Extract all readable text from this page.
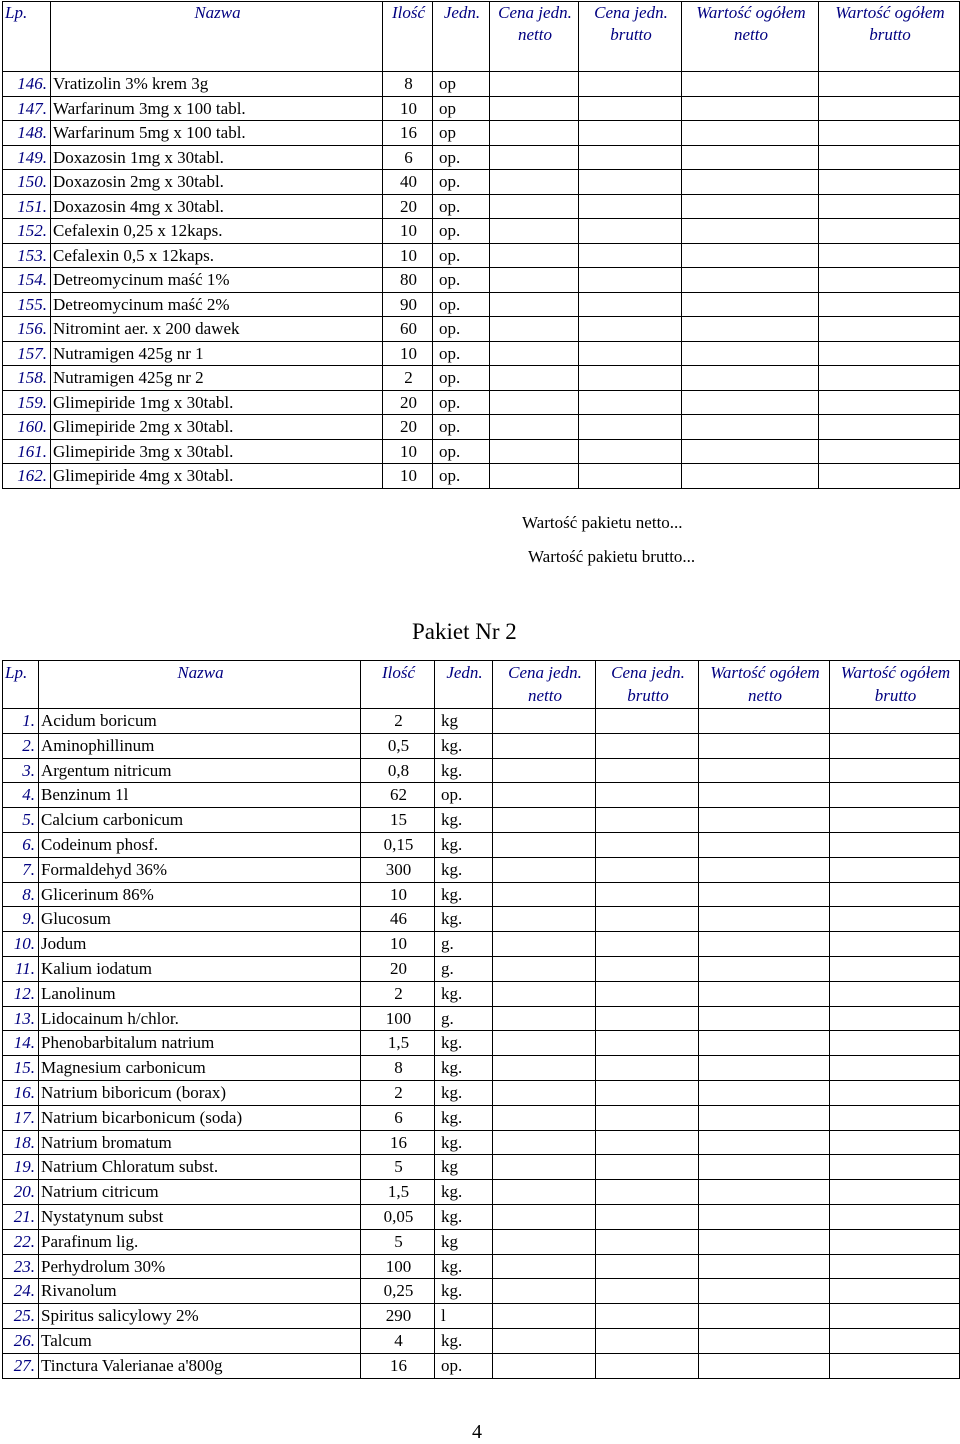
Lp.	Nazwa	Ilość	Jedn.	Cena jedn. netto	Cena jedn. brutto	Wartość ogółem netto	Wartość ogółem brutto
146.	Vratizolin 3% krem 3g	8	op				
147.	Warfarinum 3mg x 100 tabl.	10	op				
148.	Warfarinum 5mg x 100 tabl.	16	op				
149.	Doxazosin 1mg x 30tabl.	6	op.				
150.	Doxazosin 2mg x 30tabl.	40	op.				
151.	Doxazosin 4mg x 30tabl.	20	op.				
152.	Cefalexin 0,25 x 12kaps.	10	op.				
153.	Cefalexin 0,5 x 12kaps.	10	op.				
154.	Detreomycinum maść 1%	80	op.				
155.	Detreomycinum maść 2%	90	op.				
156.	Nitromint aer. x 200 dawek	60	op.				
157.	Nutramigen 425g nr 1	10	op.				
158.	Nutramigen 425g nr 2	2	op.				
159.	Glimepiride 1mg x 30tabl.	20	op.				
160.	Glimepiride 2mg x 30tabl.	20	op.				
161.	Glimepiride 3mg x 30tabl.	10	op.				
162.	Glimepiride 4mg x 30tabl.	10	op.				
Wartość pakietu netto...
Wartość pakietu brutto...
Pakiet Nr 2
Lp.	Nazwa	Ilość	Jedn.	Cena jedn. netto	Cena jedn. brutto	Wartość ogółem netto	Wartość ogółem brutto
1.	Acidum boricum	2	kg				
2.	Aminophillinum	0,5	kg.				
3.	Argentum nitricum	0,8	kg.				
4.	Benzinum 1l	62	op.				
5.	Calcium carbonicum	15	kg.				
6.	Codeinum phosf.	0,15	kg.				
7.	Formaldehyd 36%	300	kg.				
8.	Glicerinum 86%	10	kg.				
9.	Glucosum	46	kg.				
10.	Jodum	10	g.				
11.	Kalium iodatum	20	g.				
12.	Lanolinum	2	kg.				
13.	Lidocainum h/chlor.	100	g.				
14.	Phenobarbitalum natrium	1,5	kg.				
15.	Magnesium carbonicum	8	kg.				
16.	Natrium biboricum (borax)	2	kg.				
17.	Natrium bicarbonicum (soda)	6	kg.				
18.	Natrium bromatum	16	kg.				
19.	Natrium Chloratum subst.	5	kg				
20.	Natrium citricum	1,5	kg.				
21.	Nystatynum subst	0,05	kg.				
22.	Parafinum lig.	5	kg				
23.	Perhydrolum 30%	100	kg.				
24.	Rivanolum	0,25	kg.				
25.	Spiritus salicylowy 2%	290	l				
26.	Talcum	4	kg.				
27.	Tinctura Valerianae a'800g	16	op.				
4
